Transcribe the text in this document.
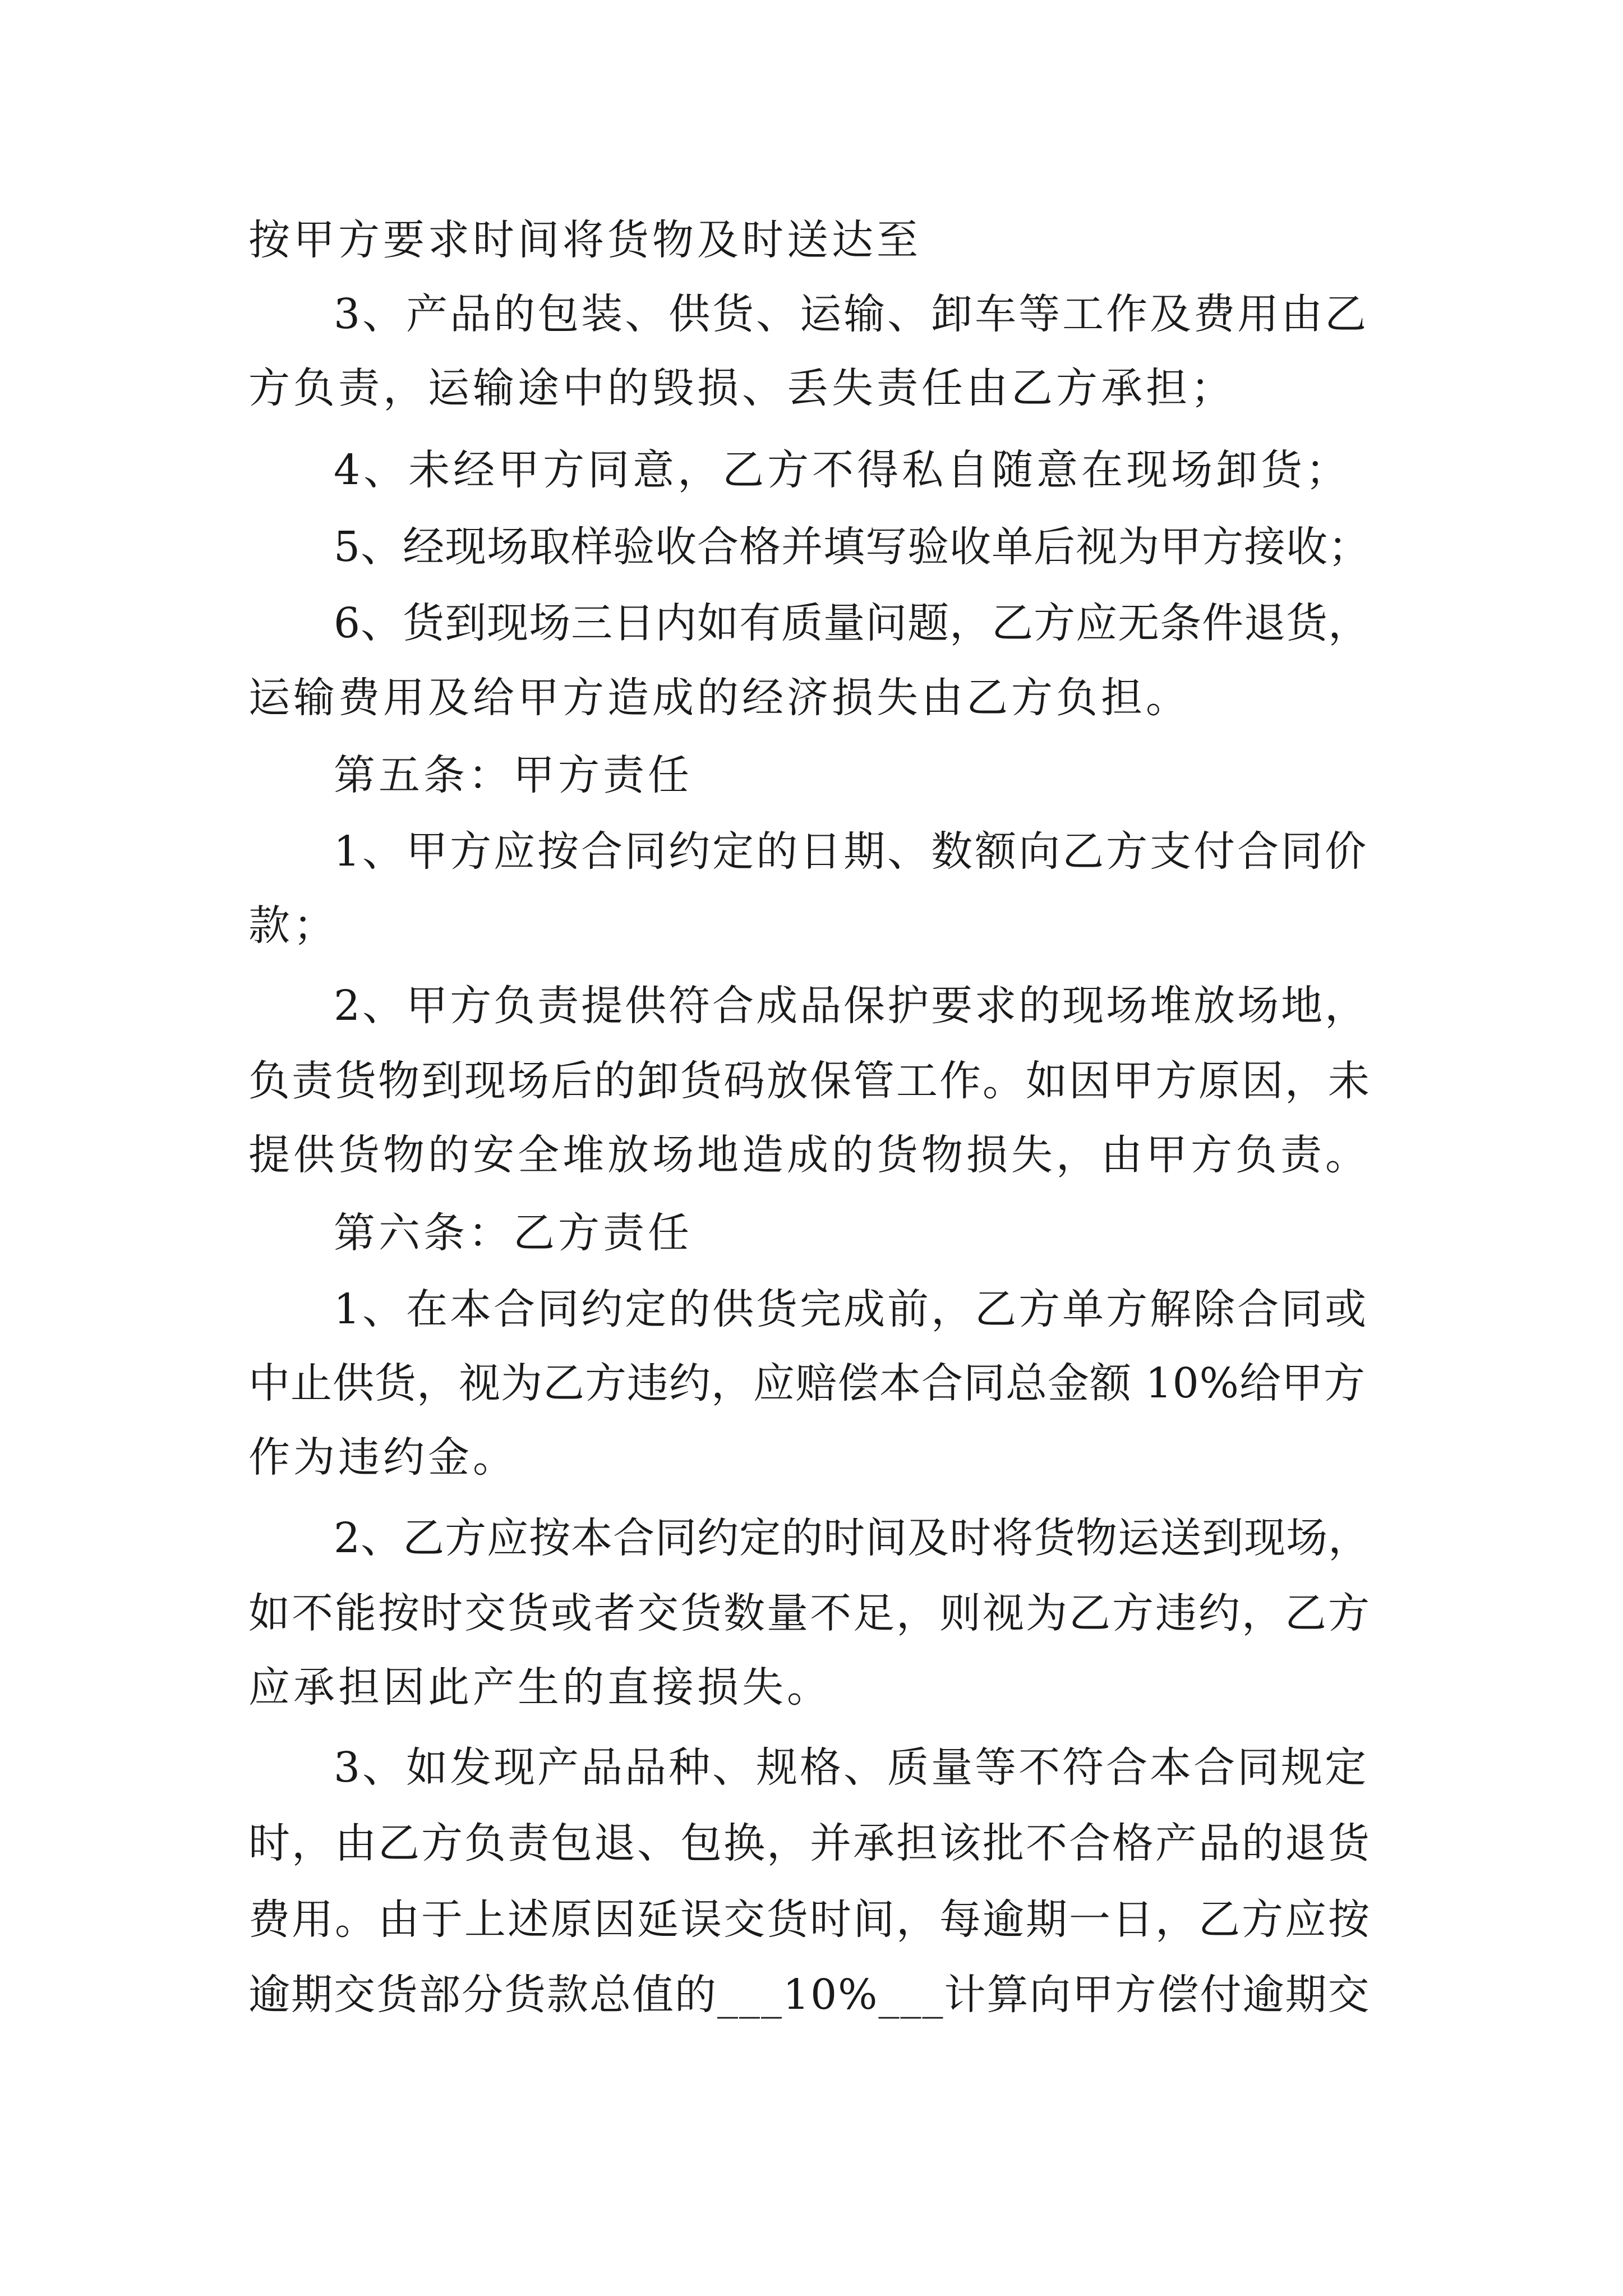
按甲方要求时间将货物及时送达至
3、产品的包装、供货、运输、卸车等工作及费用由乙
方负责，运输途中的毁损、丢失责任由乙方承担；
4、未经甲方同意，乙方不得私自随意在现场卸货；
5、经现场取样验收合格并填写验收单后视为甲方接收；
6、货到现场三日内如有质量问题，乙方应无条件退货，
运输费用及给甲方造成的经济损失由乙方负担。
第五条：甲方责任
1、甲方应按合同约定的日期、数额向乙方支付合同价
款；
2、甲方负责提供符合成品保护要求的现场堆放场地，
负责货物到现场后的卸货码放保管工作。如因甲方原因，未
提供货物的安全堆放场地造成的货物损失，由甲方负责。
第六条：乙方责任
1、在本合同约定的供货完成前，乙方单方解除合同或
中止供货，视为乙方违约，应赔偿本合同总金额 10%给甲方
作为违约金。
2、乙方应按本合同约定的时间及时将货物运送到现场，
如不能按时交货或者交货数量不足，则视为乙方违约，乙方
应承担因此产生的直接损失。
3、如发现产品品种、规格、质量等不符合本合同规定
时，由乙方负责包退、包换，并承担该批不合格产品的退货
费用。由于上述原因延误交货时间，每逾期一日，乙方应按
逾期交货部分货款总值的___10%___计算向甲方偿付逾期交
